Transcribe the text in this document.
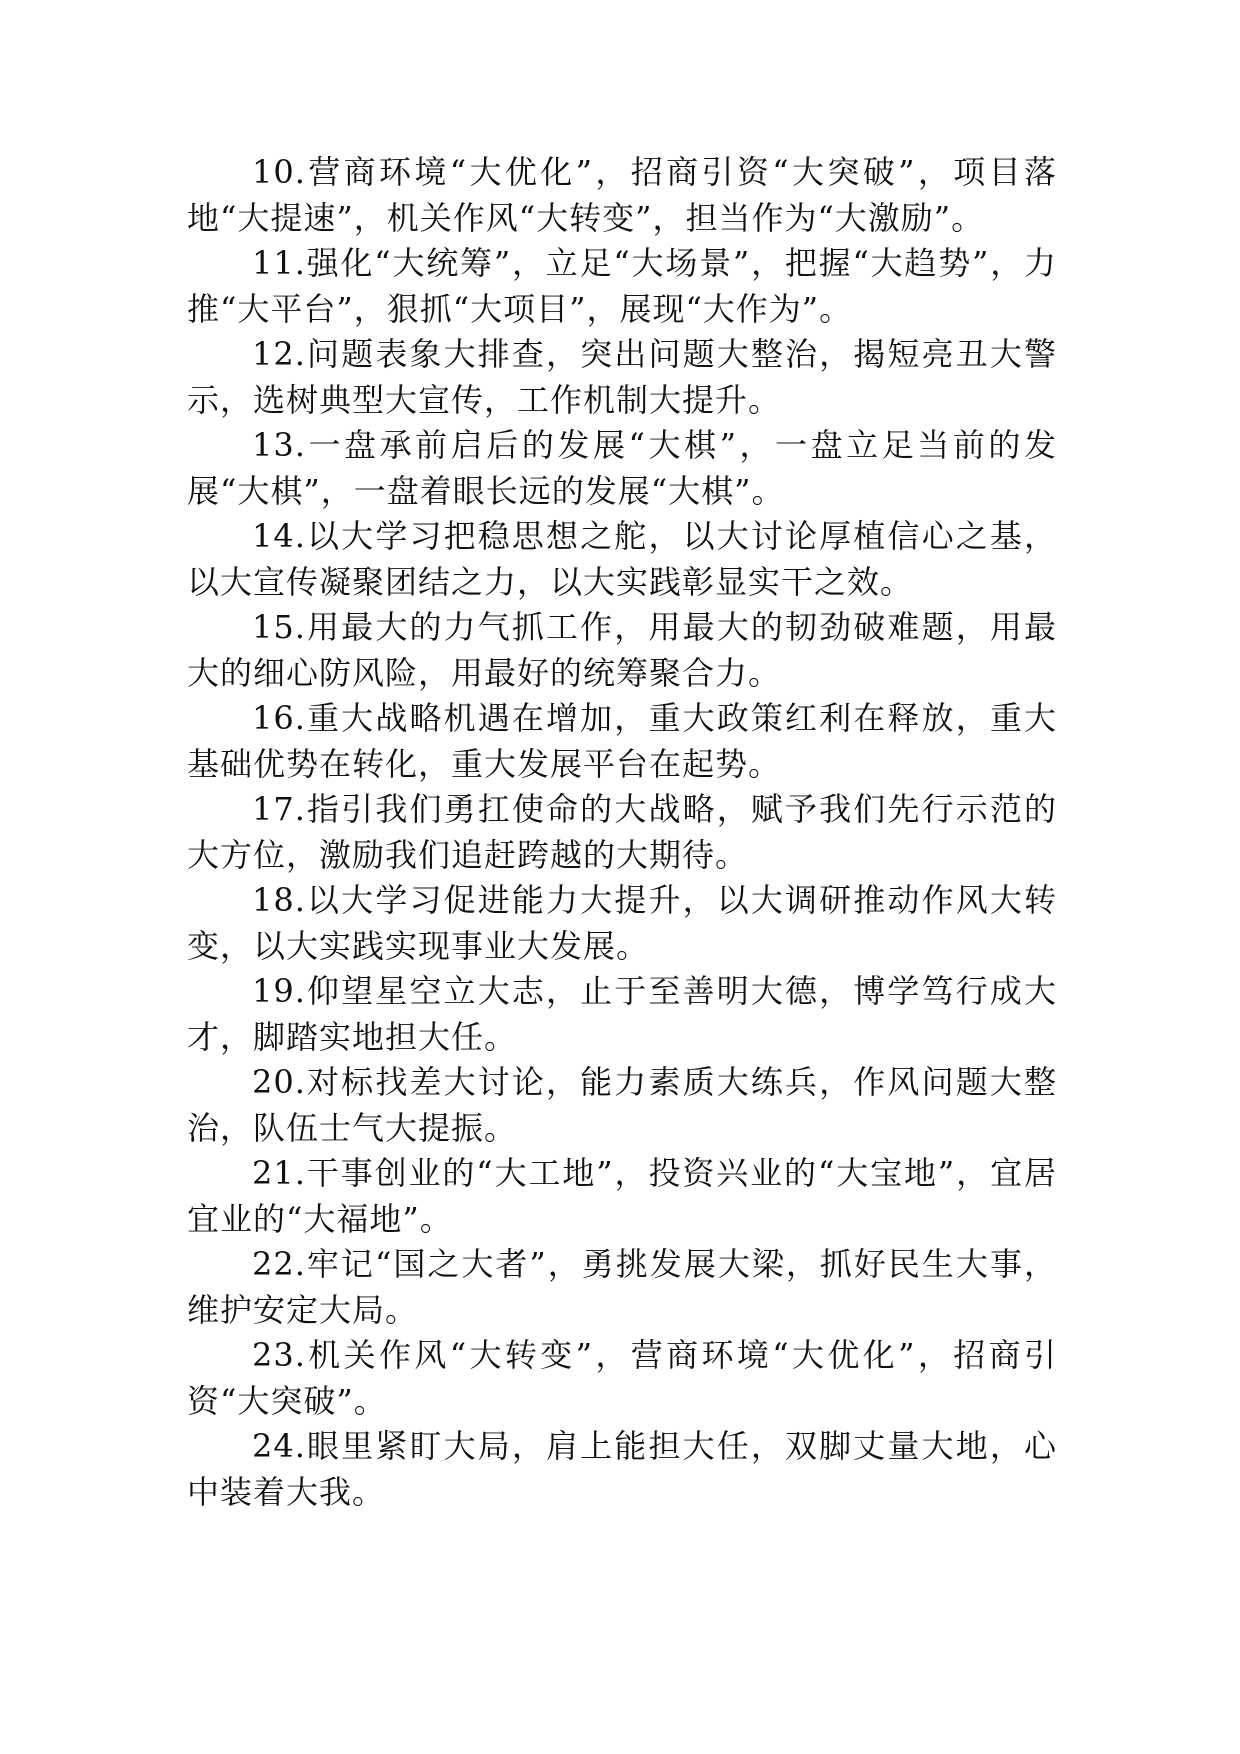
10.营商环境“大优化”，招商引资“大突破”，项目落地“大提速”，机关作风“大转变”，担当作为“大激励”。

11.强化“大统筹”，立足“大场景”，把握“大趋势”，力推“大平台”，狠抓“大项目”，展现“大作为”。

12.问题表象大排查，突出问题大整治，揭短亮丑大警示，选树典型大宣传，工作机制大提升。

13.一盘承前启后的发展“大棋”，一盘立足当前的发展“大棋”，一盘着眼长远的发展“大棋”。

14.以大学习把稳思想之舵，以大讨论厚植信心之基，以大宣传凝聚团结之力，以大实践彰显实干之效。

15.用最大的力气抓工作，用最大的韧劲破难题，用最大的细心防风险，用最好的统筹聚合力。

16.重大战略机遇在增加，重大政策红利在释放，重大基础优势在转化，重大发展平台在起势。

17.指引我们勇扛使命的大战略，赋予我们先行示范的大方位，激励我们追赶跨越的大期待。

18.以大学习促进能力大提升，以大调研推动作风大转变，以大实践实现事业大发展。

19.仰望星空立大志，止于至善明大德，博学笃行成大才，脚踏实地担大任。

20.对标找差大讨论，能力素质大练兵，作风问题大整治，队伍士气大提振。

21.干事创业的“大工地”，投资兴业的“大宝地”，宜居宜业的“大福地”。

22.牢记“国之大者”，勇挑发展大梁，抓好民生大事，维护安定大局。

23.机关作风“大转变”，营商环境“大优化”，招商引资“大突破”。

24.眼里紧盯大局，肩上能担大任，双脚丈量大地，心中装着大我。
